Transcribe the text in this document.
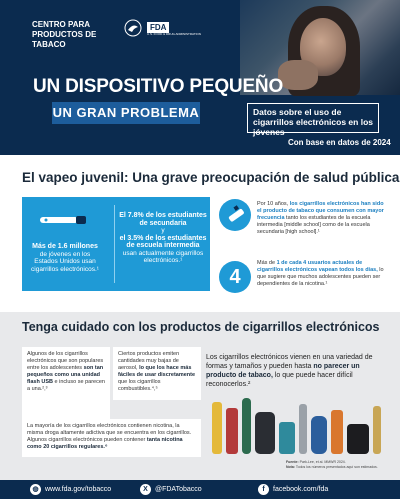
CENTRO PARA PRODUCTOS DE TABACO
FDA
U.S. FOOD & DRUG ADMINISTRATION
UN DISPOSITIVO PEQUEÑO
UN GRAN PROBLEMA	Datos sobre el uso de cigarrillos electrónicos en los jóvenes
Con base en datos de 2024
El vapeo juvenil: Una grave preocupación de salud pública
Más de 1.6 millones de jóvenes en los Estados Unidos usan cigarrillos electrónicos.¹
El 7.8% de los estudiantes de secundaria
y
el 3.5% de los estudiantes de escuela intermedia
usan actualmente cigarrillos electrónicos.¹
Por 10 años, los cigarrillos electrónicos han sido el producto de tabaco que consumen con mayor frecuencia tanto los estudiantes de la escuela intermedia [middle school] como de la escuela secundaria [high school].¹
4
Más de 1 de cada 4 usuarios actuales de cigarrillos electrónicos vapean todos los días, lo que sugiere que muchos adolescentes pueden ser dependientes de la nicotina.¹
Tenga cuidado con los productos de cigarrillos electrónicos
Algunos de los cigarrillos electrónicos que son populares entre los adolescentes son tan pequeños como una unidad flash USB e incluso se parecen a una.²,³
Ciertos productos emiten cantidades muy bajas de aerosol, lo que los hace más fáciles de usar discretamente que los cigarrillos combustibles.⁴,⁵
La mayoría de los cigarrillos electrónicos contienen nicotina, la misma droga altamente adictiva que se encuentra en los cigarrillos. Algunos cigarrillos electrónicos pueden contener tanta nicotina como 20 cigarrillos regulares.⁶
Los cigarrillos electrónicos vienen en una variedad de formas y tamaños y pueden hasta no parecer un producto de tabaco, lo que puede hacer difícil reconocerlos.²
Fuente: Park-Lee, et al. MMWR 2024.
Nota: Todos los números presentados aquí son estimados.
◍ www.fda.gov/tobacco	X	@FDATobacco	f	facebook.com/fda
